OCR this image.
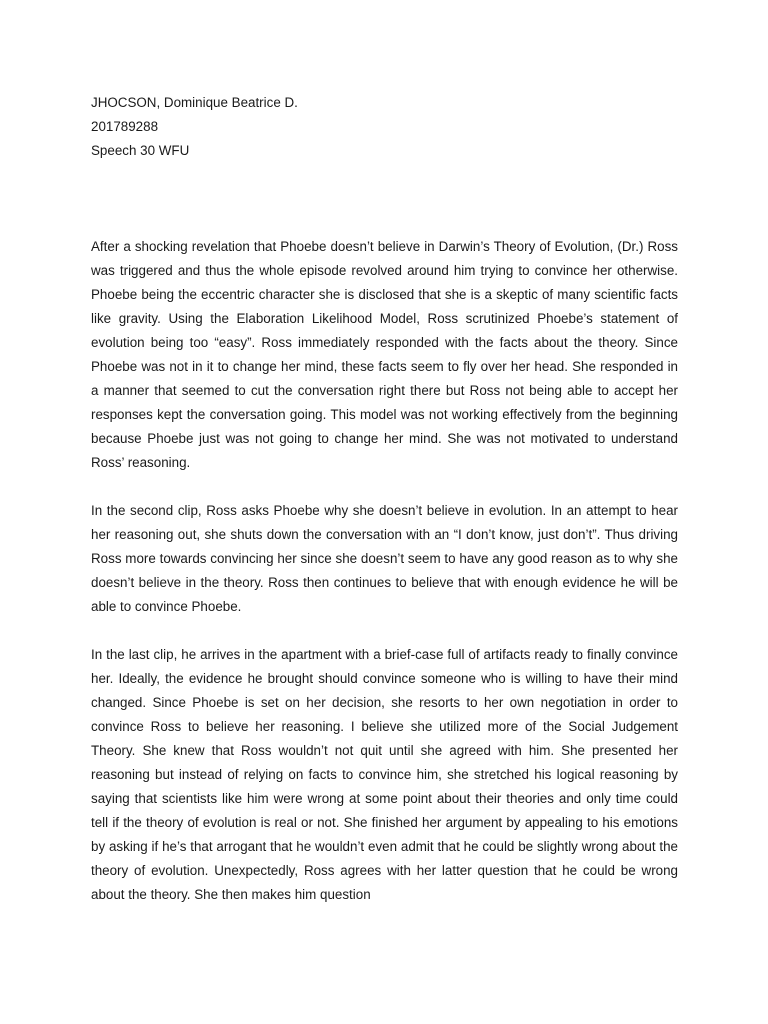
JHOCSON, Dominique Beatrice D.
201789288
Speech 30 WFU

After a shocking revelation that Phoebe doesn’t believe in Darwin’s Theory of Evolution, (Dr.) Ross was triggered and thus the whole episode revolved around him trying to convince her otherwise. Phoebe being the eccentric character she is disclosed that she is a skeptic of many scientific facts like gravity. Using the Elaboration Likelihood Model, Ross scrutinized Phoebe’s statement of evolution being too “easy”. Ross immediately responded with the facts about the theory. Since Phoebe was not in it to change her mind, these facts seem to fly over her head. She responded in a manner that seemed to cut the conversation right there but Ross not being able to accept her responses kept the conversation going. This model was not working effectively from the beginning because Phoebe just was not going to change her mind. She was not motivated to understand Ross’ reasoning.

In the second clip, Ross asks Phoebe why she doesn’t believe in evolution. In an attempt to hear her reasoning out, she shuts down the conversation with an “I don’t know, just don’t”. Thus driving Ross more towards convincing her since she doesn’t seem to have any good reason as to why she doesn’t believe in the theory. Ross then continues to believe that with enough evidence he will be able to convince Phoebe.

In the last clip, he arrives in the apartment with a brief-case full of artifacts ready to finally convince her. Ideally, the evidence he brought should convince someone who is willing to have their mind changed. Since Phoebe is set on her decision, she resorts to her own negotiation in order to convince Ross to believe her reasoning. I believe she utilized more of the Social Judgement Theory. She knew that Ross wouldn’t not quit until she agreed with him. She presented her reasoning but instead of relying on facts to convince him, she stretched his logical reasoning by saying that scientists like him were wrong at some point about their theories and only time could tell if the theory of evolution is real or not. She finished her argument by appealing to his emotions by asking if he’s that arrogant that he wouldn’t even admit that he could be slightly wrong about the theory of evolution. Unexpectedly, Ross agrees with her latter question that he could be wrong about the theory. She then makes him question
